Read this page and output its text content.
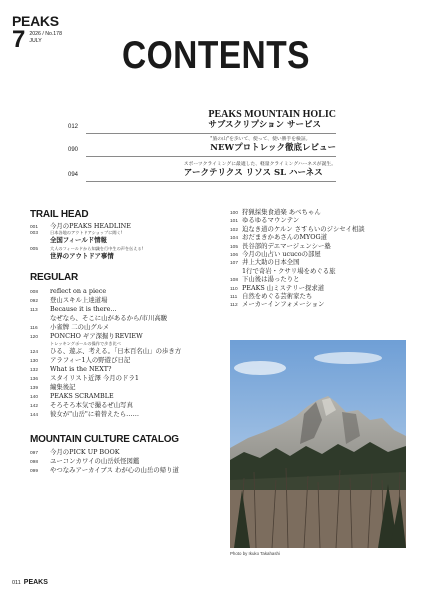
PEAKS
7 2026 / No.178
JULY	CONTENTS
012
PEAKS MOUNTAIN HOLIC
サブスクリプション サービス
090
"旅の山"を歩いて、使って、使い勝手を検証。
NEWプロトレック徹底レビュー
094
スポーツクライミングに最適した、軽量クライミングハーネスが誕生。
アークテリクス リソス SL ハーネス
TRAIL HEAD
001	今月のPEAKS HEADLINE
003	日本各地のアウトドアショップに聞く!
全国フィールド情報
005	大人のフィールドから知識を行中生の声を伝える!
世界のアウトドア事情
REGULAR
008	reflect on a piece
092	登山スキル上達道場
113	Because it is there...
なぜなら、そこに山があるから/市川高駿
116	小雀牌 二の山グルメ
120	PONCHO ギア深掘りREVIEW
トレッキングポールの操作で歩き比べ
124	ひる、遊ぶ、考える。「日本百名山」の歩き方
130	アラフィー1人の野遊び日記
132	What is the NEXT?
136	スタイリスト近澤 今月のドラ1
139	編集後記
140	PEAKS SCRAMBLE
142	そろそろ本気で撮るぜ山写真
144	彼女が"山岳"に着替えたら……
MOUNTAIN CULTURE CATALOG
097	今月のPICK UP BOOK
098	ユーコンカワイの山岳妖怪図鑑
099	やつなみアーカイブス わが心の山岳の帰り道
100 狩猟採集食道楽 あべちゃん
101 ゆるゆるマウンテン
102 迫なき道のケルン さすらいのジシセイ相談
104 おだまきかあさんのMYOG道
105 長谷部的デエマージェンシー塾
106 今月の山占い ucucoの部屋
107 井上大助の日本全国
1行で奇岩・クサリ場をめぐる旅
108 下山後は湯ったりと
110 PEAKS 山ミステリー探求道
111 自然をめぐる芸術家たち
112 メーカーインフォメーション
Photo by Ikuko Takahashi
011 PEAKS
